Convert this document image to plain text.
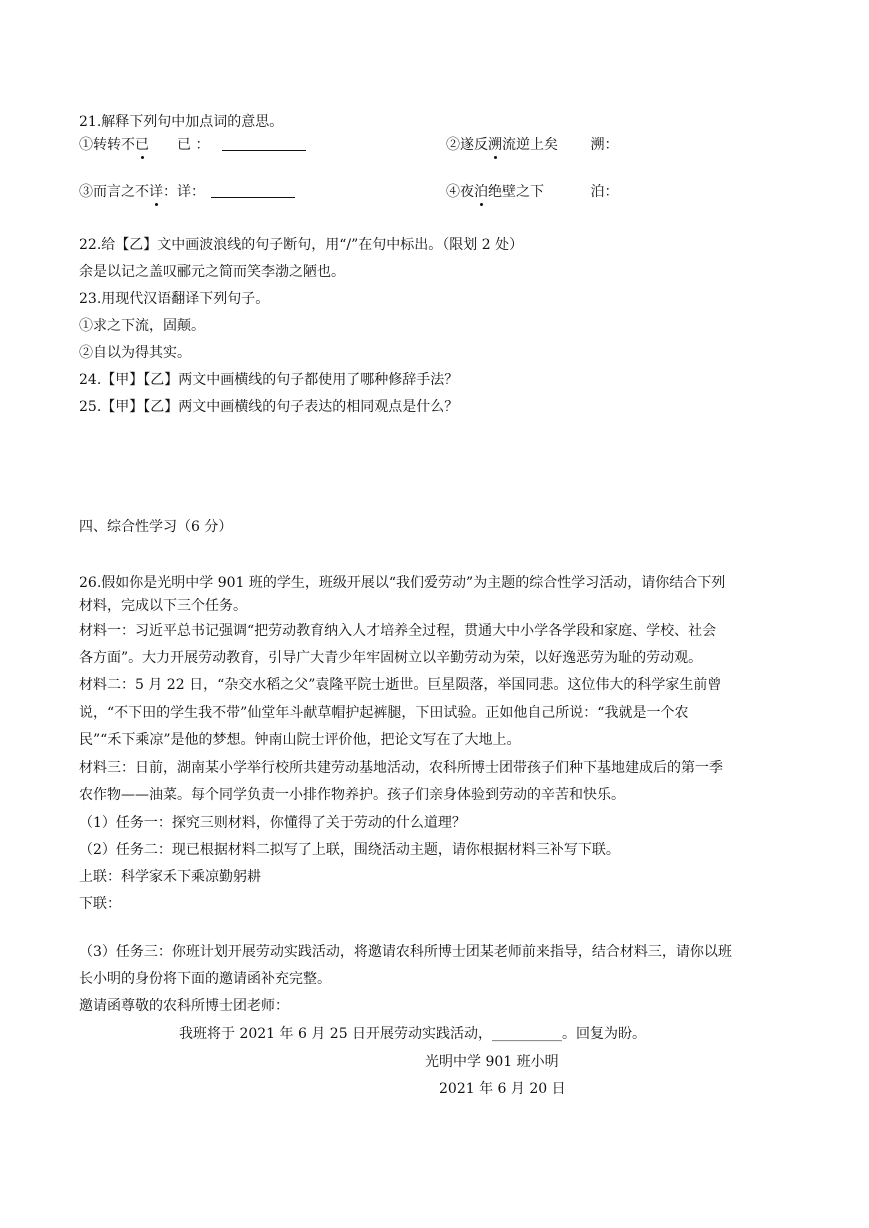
21.解释下列句中加点词的意思。
①转转不已 已 ：	②遂反溯流逆上矣 溯：
③而言之不详：详：	④夜泊绝壁之下	泊：
22.给【乙】文中画波浪线的句子断句，用“/”在句中标出。（限划 2 处）
余是以记之盖叹郦元之简而笑李渤之陋也。
23.用现代汉语翻译下列句子。
①求之下流，固颠。
②自以为得其实。
24.【甲】【乙】两文中画横线的句子都使用了哪种修辞手法？
25.【甲】【乙】两文中画横线的句子表达的相同观点是什么？
四、综合性学习（6 分）
26.假如你是光明中学 901 班的学生，班级开展以“我们爱劳动”为主题的综合性学习活动，请你结合下列
材料，完成以下三个任务。
材料一：习近平总书记强调“把劳动教育纳入人才培养全过程，贯通大中小学各学段和家庭、学校、社会
各方面”。大力开展劳动教育，引导广大青少年牢固树立以辛勤劳动为荣，以好逸恶劳为耻的劳动观。
材料二：5 月 22 日，“杂交水稻之父”袁隆平院士逝世。巨星陨落，举国同悲。这位伟大的科学家生前曾
说，“不下田的学生我不带”仙堂年斗献草帽护起裤腿，下田试验。正如他自己所说：“我就是一个农
民”“禾下乘凉”是他的梦想。钟南山院士评价他，把论文写在了大地上。
材料三：日前，湖南某小学举行校所共建劳动基地活动，农科所博士团带孩子们种下基地建成后的第一季
农作物——油菜。每个同学负责一小排作物养护。孩子们亲身体验到劳动的辛苦和快乐。
（1）任务一：探究三则材料，你懂得了关于劳动的什么道理？
（2）任务二：现已根据材料二拟写了上联，围绕活动主题，请你根据材料三补写下联。
上联：科学家禾下乘凉勤躬耕
下联：
（3）任务三：你班计划开展劳动实践活动，将邀请农科所博士团某老师前来指导，结合材料三，请你以班
长小明的身份将下面的邀请函补充完整。
邀请函尊敬的农科所博士团老师：
我班将于 2021 年 6 月 25 日开展劳动实践活动，__________。回复为盼。
光明中学 901 班小明
2021 年 6 月 20 日
